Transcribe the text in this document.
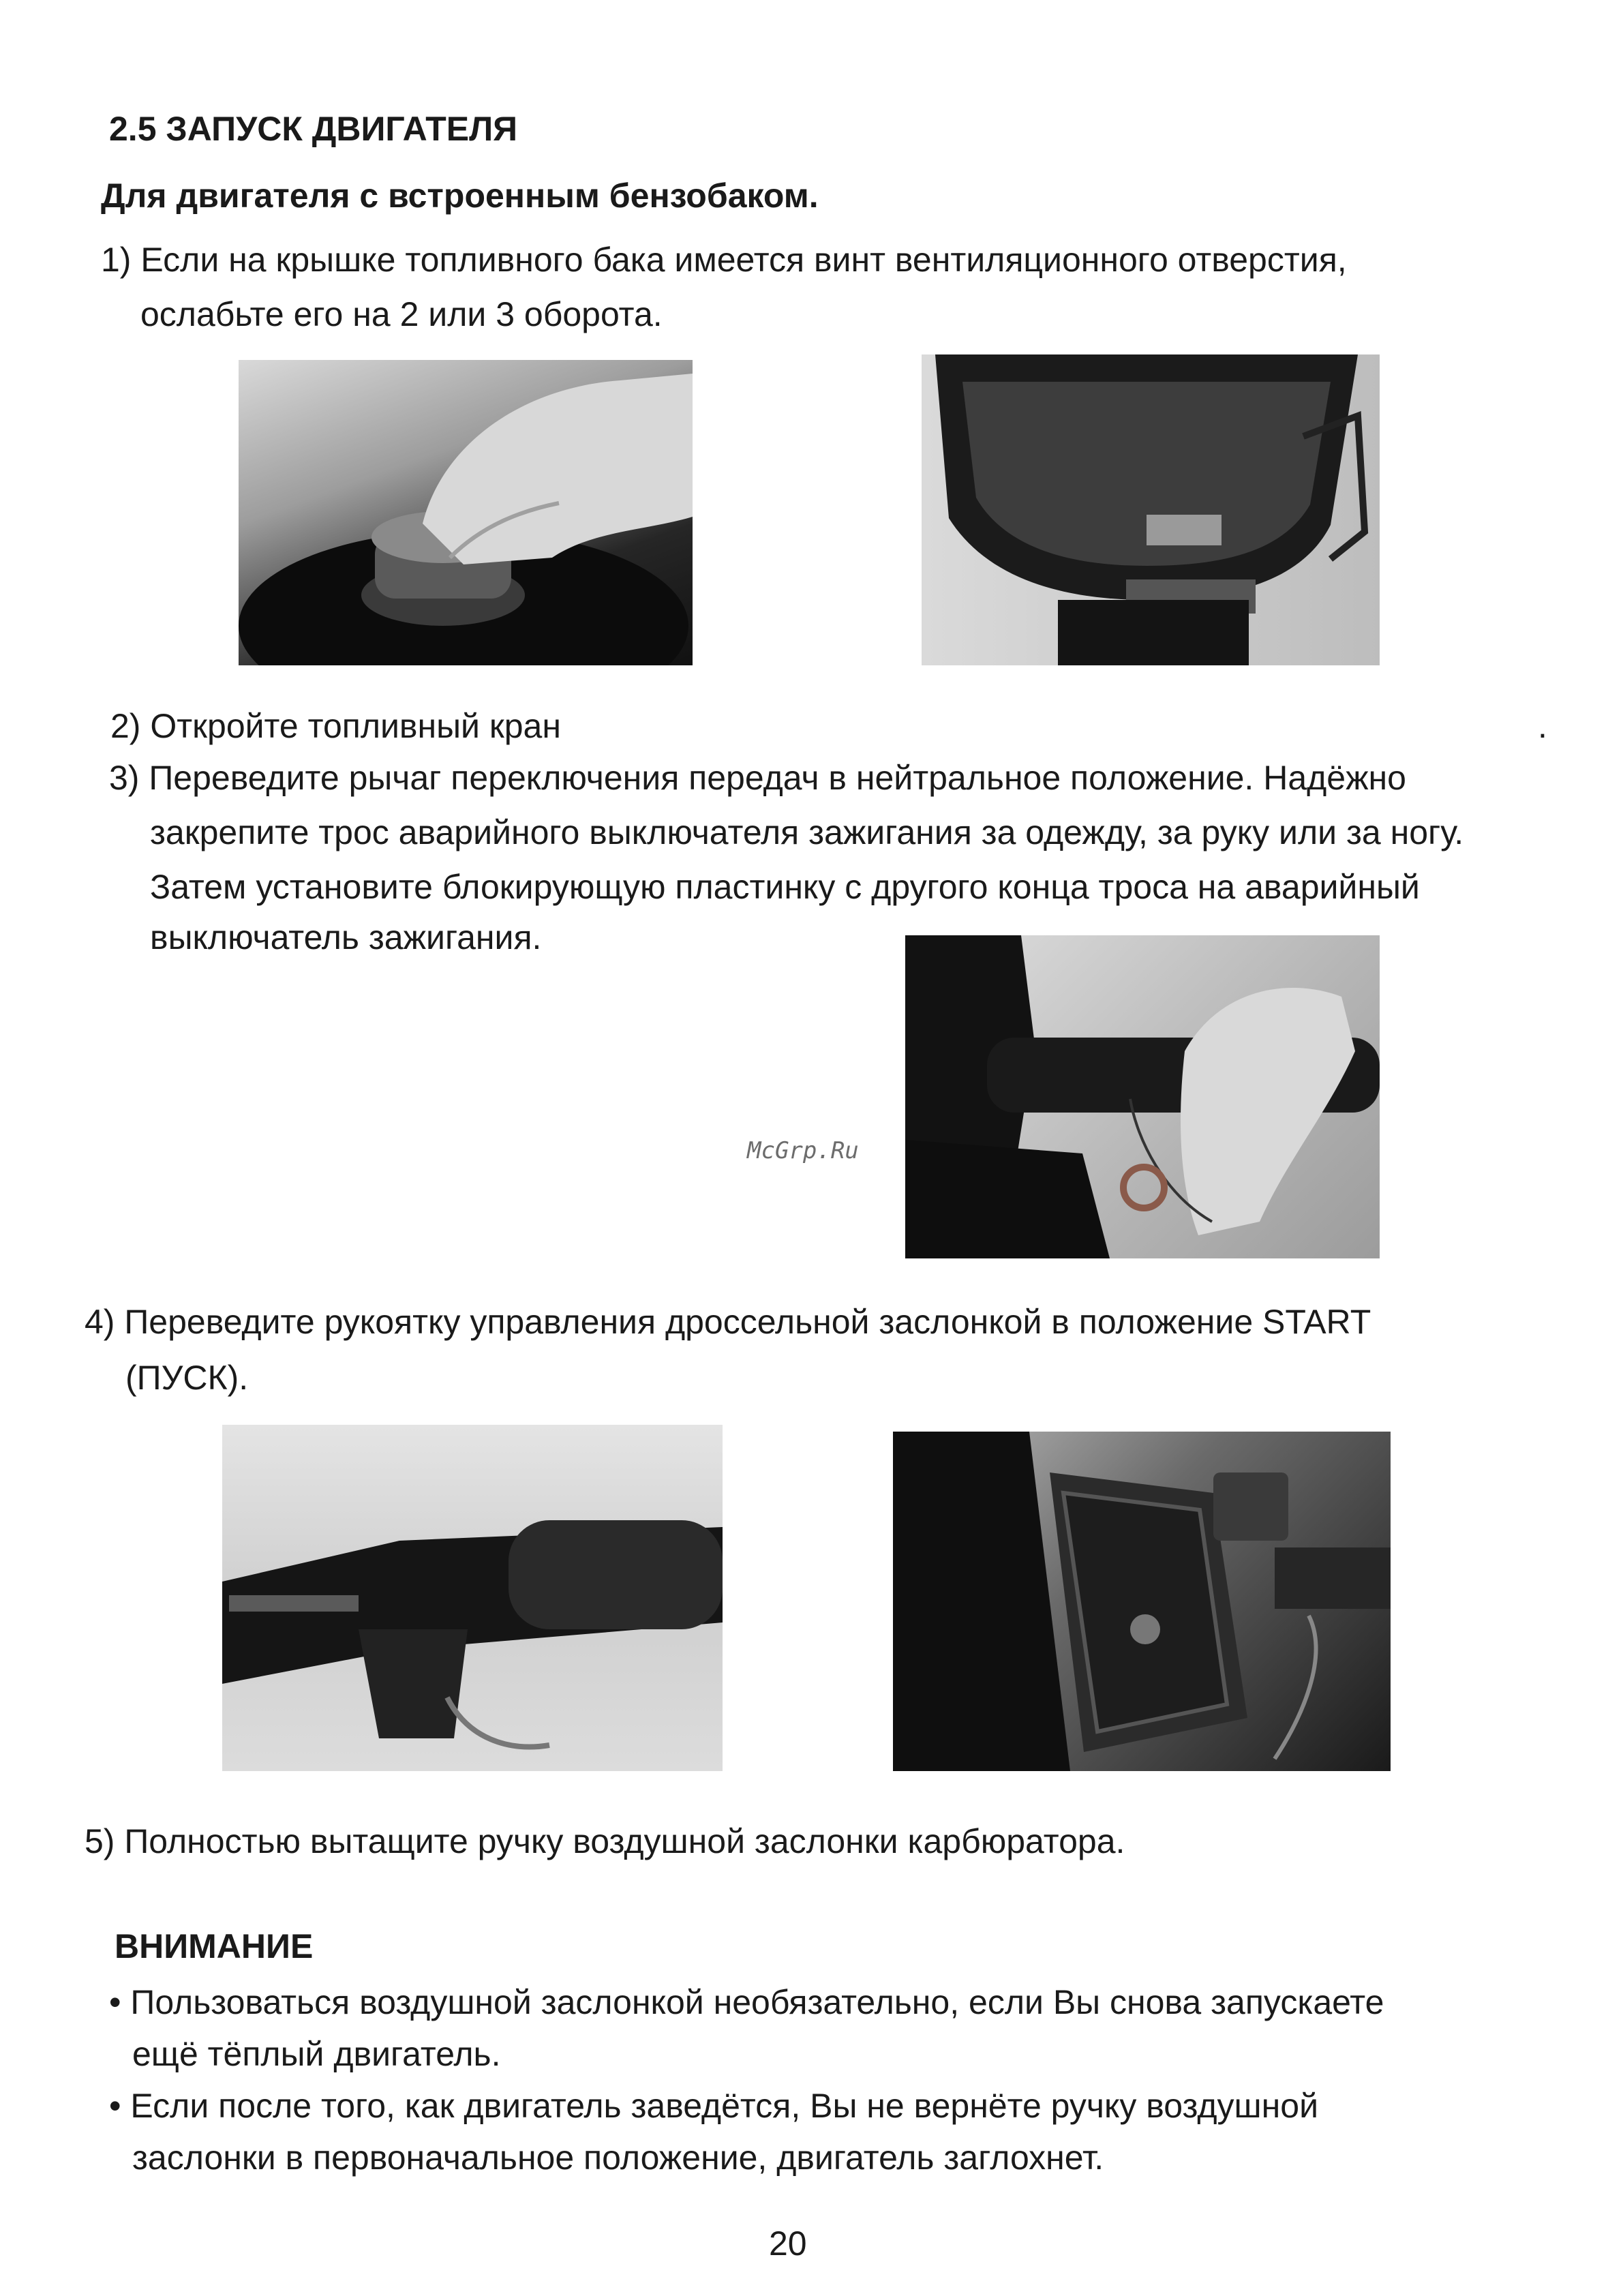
2.5 ЗАПУСК ДВИГАТЕЛЯ
Для двигателя с встроенным бензобаком.
1) Если на крышке топливного бака имеется винт вентиляционного отверстия,
ослабьте его на 2 или 3 оборота.
2) Откройте топливный кран	.
3) Переведите рычаг переключения передач в нейтральное положение. Надёжно
закрепите трос аварийного выключателя зажигания за одежду, за руку или за ногу.
Затем установите блокирующую пластинку с другого конца троса на аварийный
выключатель зажигания.
McGrp.Ru
4) Переведите рукоятку управления дроссельной заслонкой в положение START
(ПУСК).
5) Полностью вытащите ручку воздушной заслонки карбюратора.
ВНИМАНИЕ
• Пользоваться воздушной заслонкой необязательно, если Вы снова запускаете
ещё тёплый двигатель.
• Если после того, как двигатель заведётся, Вы не вернёте ручку воздушной
заслонки в первоначальное положение, двигатель заглохнет.
20
